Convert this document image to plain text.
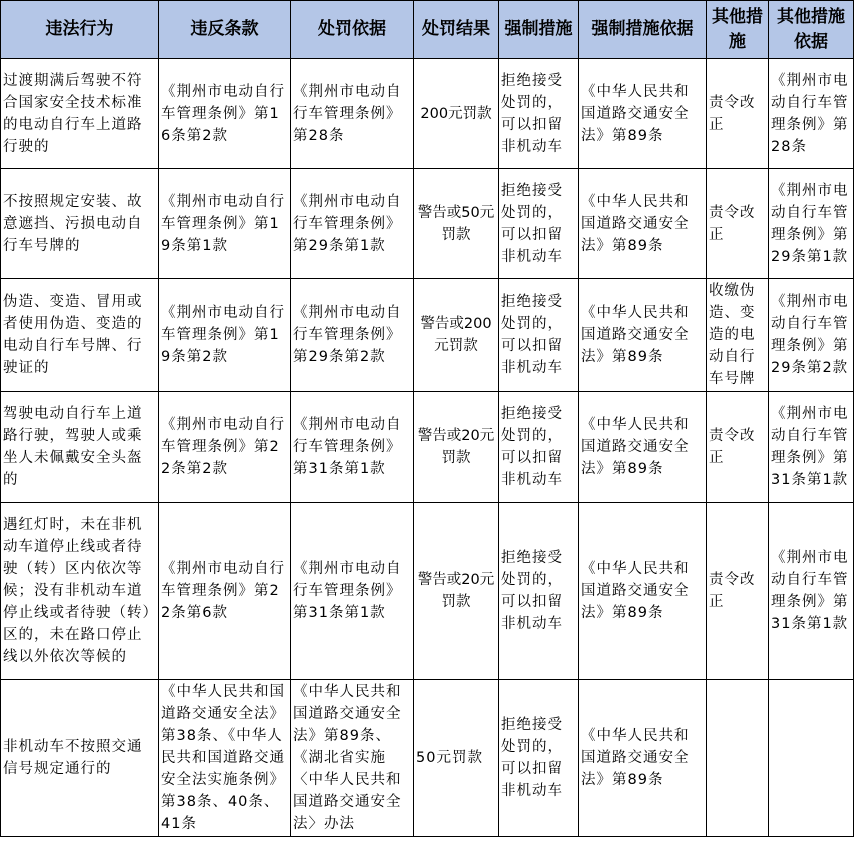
违法行为	违反条款	处罚依据	处罚结果	强制措施	强制措施依据	其他措施	其他措施依据
过渡期满后驾驶不符合国家安全技术标准的电动自行车上道路行驶的	《荆州市电动自行车管理条例》第16条第2款	《荆州市电动自行车管理条例》第28条	200元罚款	拒绝接受处罚的，可以扣留非机动车	《中华人民共和国道路交通安全法》第89条	责令改正	《荆州市电动自行车管理条例》第28条
不按照规定安装、故意遮挡、污损电动自行车号牌的	《荆州市电动自行车管理条例》第19条第1款	《荆州市电动自行车管理条例》第29条第1款	警告或50元罚款	拒绝接受处罚的，可以扣留非机动车	《中华人民共和国道路交通安全法》第89条	责令改正	《荆州市电动自行车管理条例》第29条第1款
伪造、变造、冒用或者使用伪造、变造的电动自行车号牌、行驶证的	《荆州市电动自行车管理条例》第19条第2款	《荆州市电动自行车管理条例》第29条第2款	警告或200元罚款	拒绝接受处罚的，可以扣留非机动车	《中华人民共和国道路交通安全法》第89条	收缴伪造、变造的电动自行车号牌	《荆州市电动自行车管理条例》第29条第2款
驾驶电动自行车上道路行驶，驾驶人或乘坐人未佩戴安全头盔的	《荆州市电动自行车管理条例》第22条第2款	《荆州市电动自行车管理条例》第31条第1款	警告或20元罚款	拒绝接受处罚的，可以扣留非机动车	《中华人民共和国道路交通安全法》第89条	责令改正	《荆州市电动自行车管理条例》第31条第1款
遇红灯时，未在非机动车道停止线或者待驶（转）区内依次等候；没有非机动车道停止线或者待驶（转）区的，未在路口停止线以外依次等候的	《荆州市电动自行车管理条例》第22条第6款	《荆州市电动自行车管理条例》第31条第1款	警告或20元罚款	拒绝接受处罚的，可以扣留非机动车	《中华人民共和国道路交通安全法》第89条	责令改正	《荆州市电动自行车管理条例》第31条第1款
非机动车不按照交通信号规定通行的	《中华人民共和国道路交通安全法》第38条、《中华人民共和国道路交通安全法实施条例》第38条、40条、41条	《中华人民共和国道路交通安全法》第89条、《湖北省实施〈中华人民共和国道路交通安全法〉办法	50元罚款	拒绝接受处罚的，可以扣留非机动车	《中华人民共和国道路交通安全法》第89条		
